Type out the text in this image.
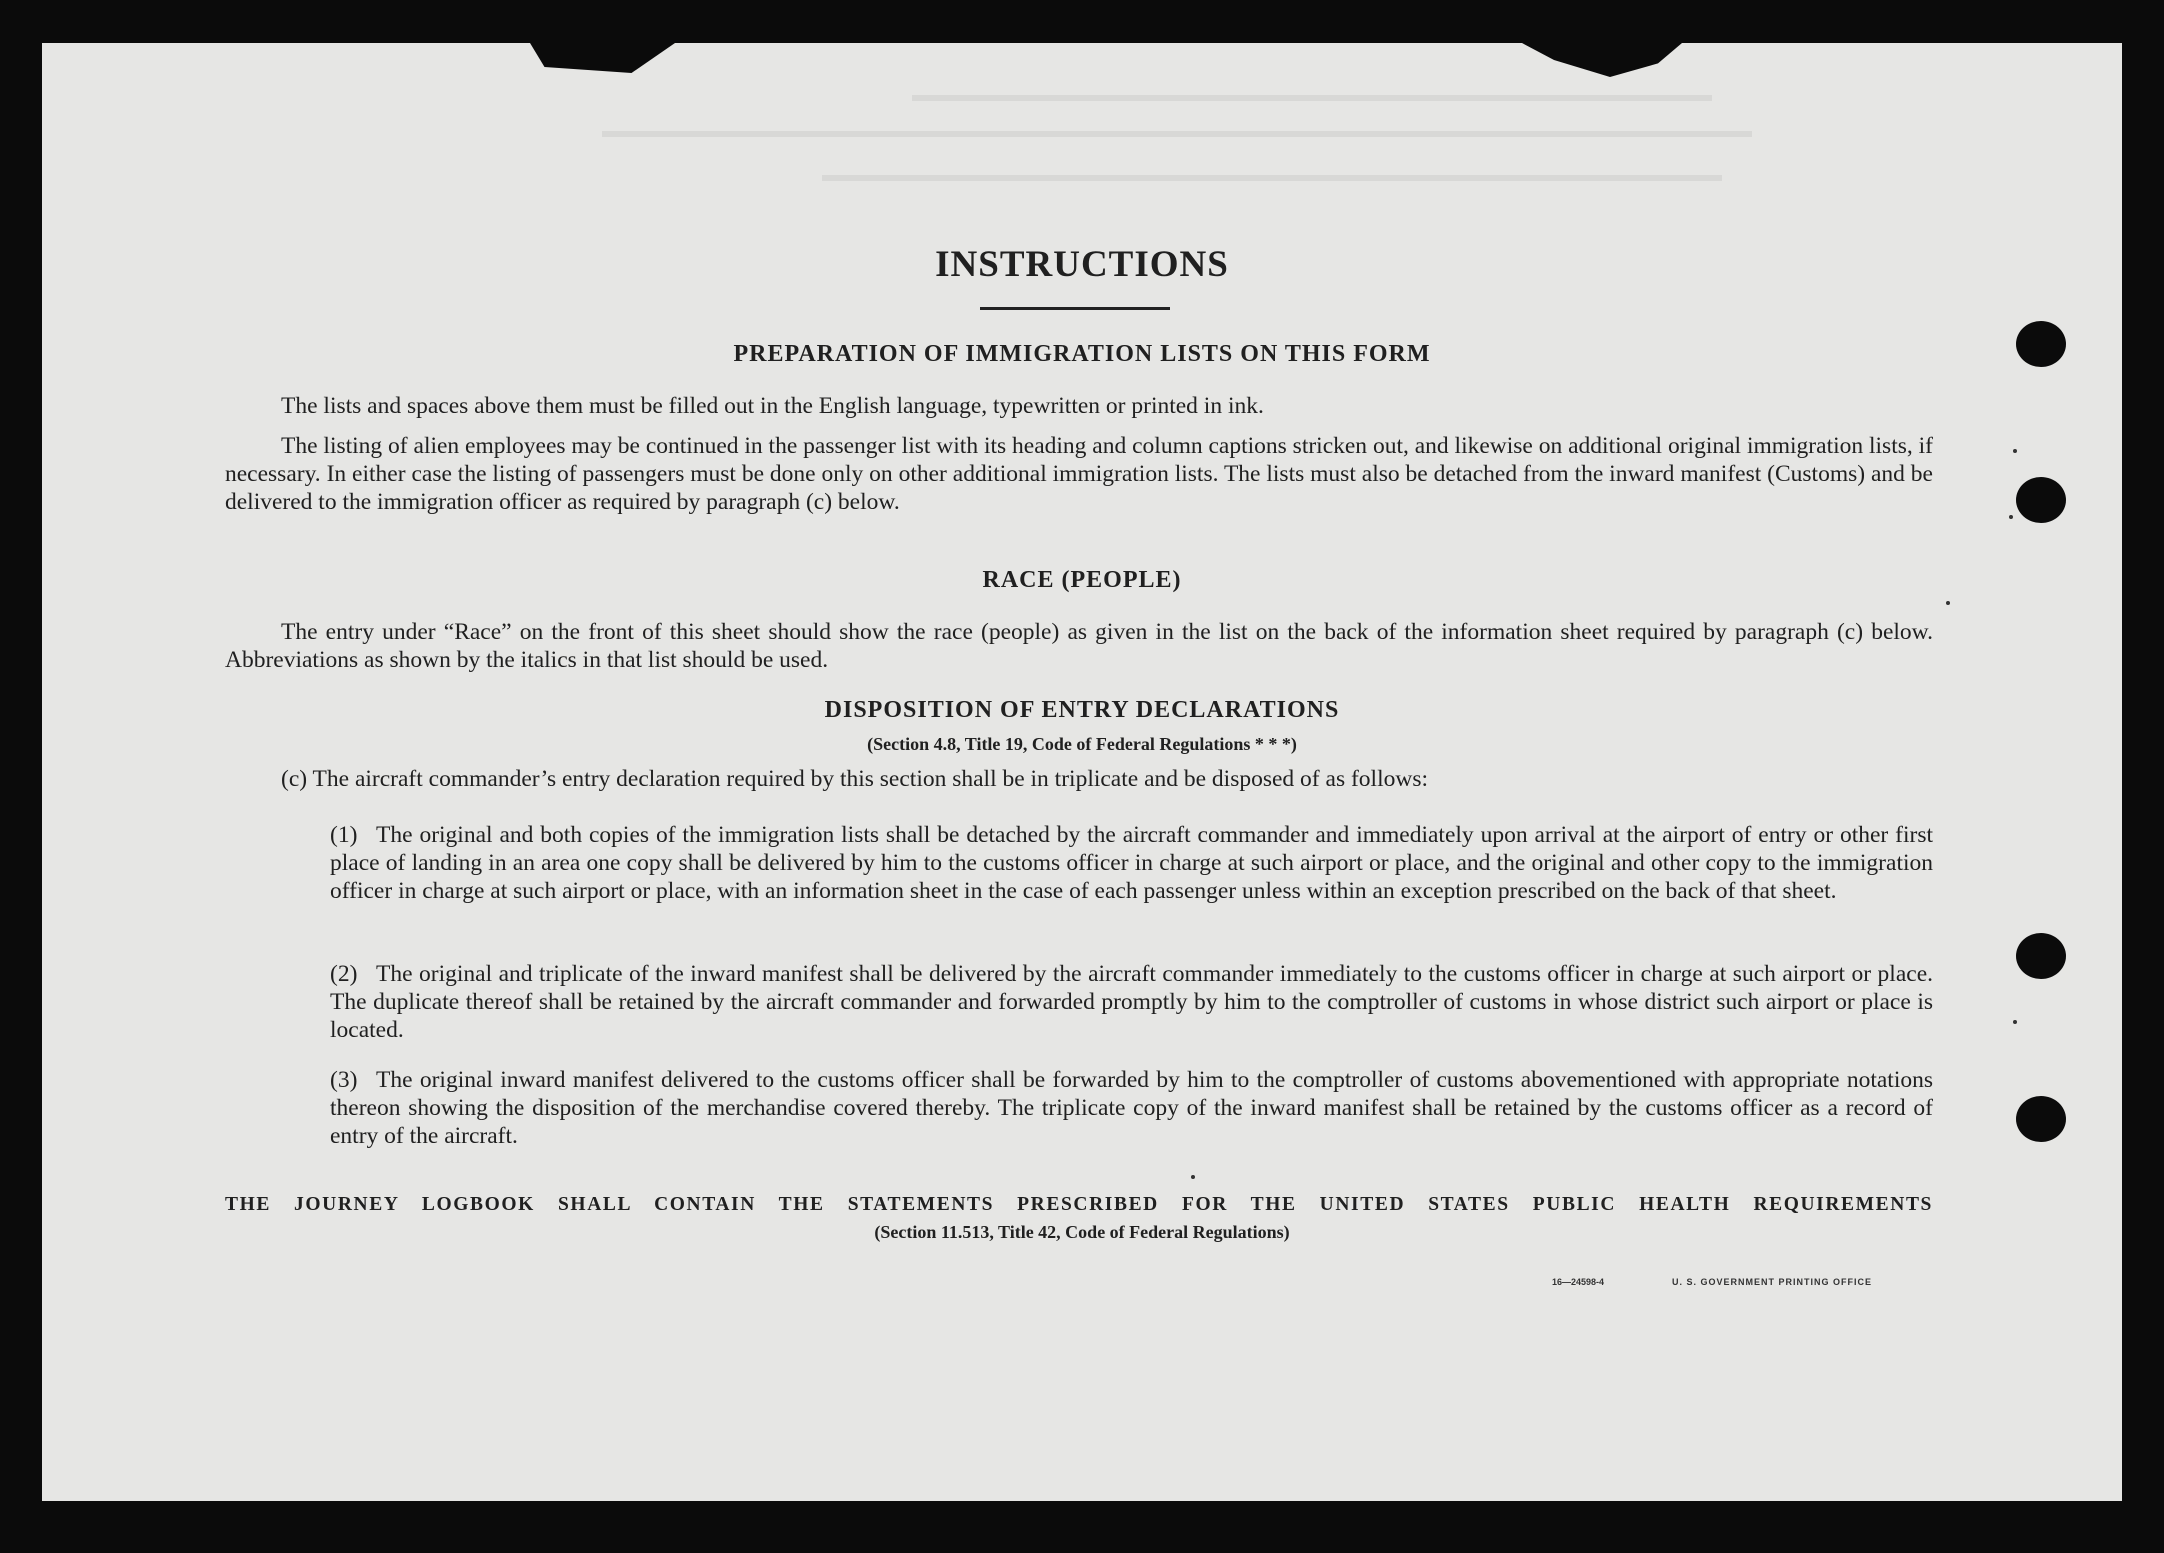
INSTRUCTIONS
PREPARATION OF IMMIGRATION LISTS ON THIS FORM
The lists and spaces above them must be filled out in the English language, typewritten or printed in ink.
The listing of alien employees may be continued in the passenger list with its heading and column captions stricken out, and likewise on additional original immigration lists, if necessary. In either case the listing of passengers must be done only on other additional immigration lists. The lists must also be detached from the inward manifest (Customs) and be delivered to the immigration officer as required by paragraph (c) below.
RACE (PEOPLE)
The entry under “Race” on the front of this sheet should show the race (people) as given in the list on the back of the information sheet required by paragraph (c) below. Abbreviations as shown by the italics in that list should be used.
DISPOSITION OF ENTRY DECLARATIONS
(Section 4.8, Title 19, Code of Federal Regulations * * *)
(c) The aircraft commander’s entry declaration required by this section shall be in triplicate and be disposed of as follows:
(1) The original and both copies of the immigration lists shall be detached by the aircraft commander and immediately upon arrival at the airport of entry or other first place of landing in an area one copy shall be delivered by him to the customs officer in charge at such airport or place, and the original and other copy to the immigration officer in charge at such airport or place, with an information sheet in the case of each passenger unless within an exception prescribed on the back of that sheet.
(2) The original and triplicate of the inward manifest shall be delivered by the aircraft commander immediately to the customs officer in charge at such airport or place. The duplicate thereof shall be retained by the aircraft commander and forwarded promptly by him to the comptroller of customs in whose district such airport or place is located.
(3) The original inward manifest delivered to the customs officer shall be forwarded by him to the comptroller of customs abovementioned with appropriate notations thereon showing the disposition of the merchandise covered thereby. The triplicate copy of the inward manifest shall be retained by the customs officer as a record of entry of the aircraft.
THE JOURNEY LOGBOOK SHALL CONTAIN THE STATEMENTS PRESCRIBED FOR THE UNITED STATES PUBLIC HEALTH REQUIREMENTS
(Section 11.513, Title 42, Code of Federal Regulations)
16—24598-4	U. S. GOVERNMENT PRINTING OFFICE
